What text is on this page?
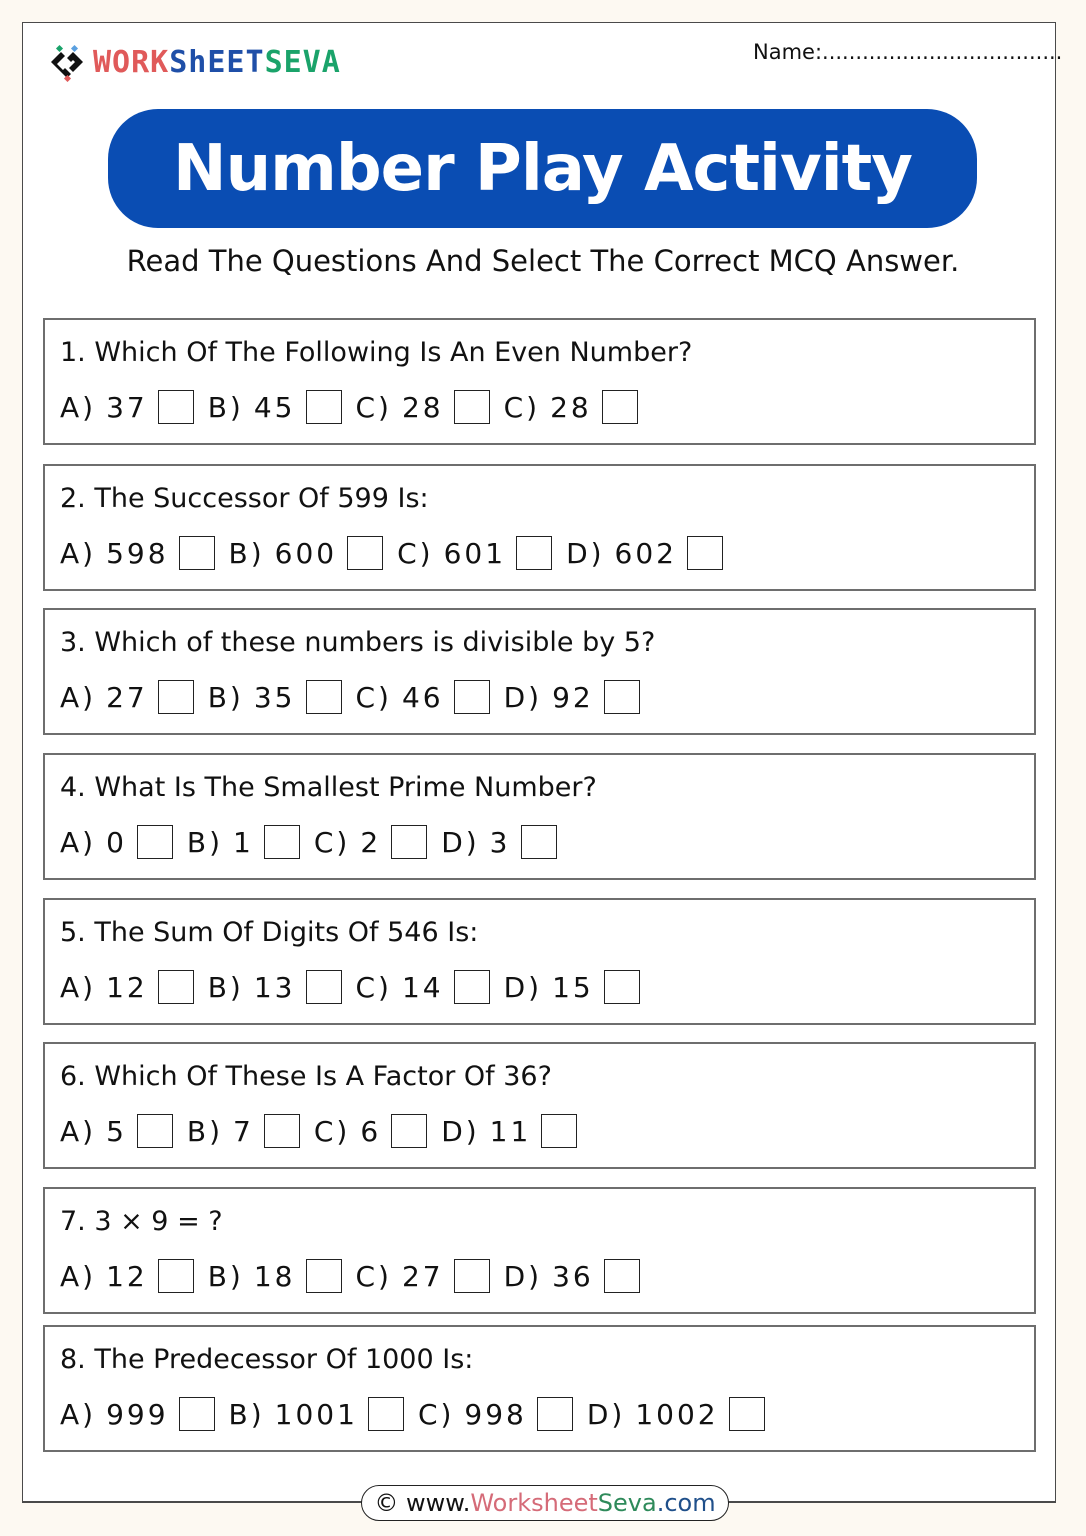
WORKShEETSEVA	Name:....................................
Number Play Activity
Read The Questions And Select The Correct MCQ Answer.
1. Which Of The Following Is An Even Number?
A) 37 B) 45 C) 28 C) 28
2. The Successor Of 599 Is:
A) 598 B) 600 C) 601 D) 602
3. Which of these numbers is divisible by 5?
A) 27 B) 35 C) 46 D) 92
4. What Is The Smallest Prime Number?
A) 0 B) 1 C) 2 D) 3
5. The Sum Of Digits Of 546 Is:
A) 12 B) 13 C) 14 D) 15
6. Which Of These Is A Factor Of 36?
A) 5 B) 7 C) 6 D) 11
7. 3 × 9 = ?
A) 12 B) 18 C) 27 D) 36
8. The Predecessor Of 1000 Is:
A) 999 B) 1001 C) 998 D) 1002
© www. Worksheet Seva .com
